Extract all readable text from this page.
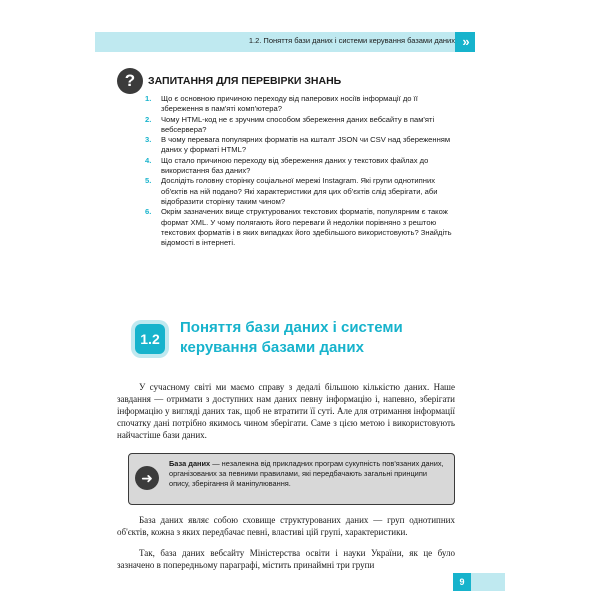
1.2. Поняття бази даних і системи керування базами даних »
?	ЗАПИТАННЯ ДЛЯ ПЕРЕВІРКИ ЗНАНЬ
1. Що є основною причиною переходу від паперових носіїв інформації до її збереження в пам'яті комп'ютера?
2. Чому HTML-код не є зручним способом збереження даних вебсайту в пам'яті вебсервера?
3. В чому перевага популярних форматів на кшталт JSON чи CSV над збереженням даних у форматі HTML?
4. Що стало причиною переходу від збереження даних у текстових файлах до використання баз даних?
5. Дослідіть головну сторінку соціальної мережі Instagram. Які групи однотипних об'єктів на ній подано? Які характеристики для цих об'єктів слід зберігати, аби відобразити сторінку таким чином?
6. Окрім зазначених вище структурованих текстових форматів, популярним є також формат XML. У чому полягають його переваги й недоліки порівняно з рештою текстових форматів і в яких випадках його здебільшого використовують? Знайдіть відомості в інтернеті.
1.2
Поняття бази даних і системи керування базами даних

У сучасному світі ми маємо справу з дедалі більшою кількістю даних. Наше завдання — отримати з доступних нам даних певну інформацію і, напевно, зберігати інформацію у вигляді даних так, щоб не втратити її суті. Але для отримання інформації спочатку дані потрібно якимось чином зберігати. Саме з цією метою і використовують найчастіше бази даних.

➜
База даних — незалежна від прикладних програм сукупність пов'язаних даних, організованих за певними правилами, які передбачають загальні принципи опису, зберігання й маніпулювання.

База даних являє собою сховище структурованих даних — груп однотипних об'єктів, кожна з яких передбачає певні, властиві цій групі, характеристики.

Так, база даних вебсайту Міністерства освіти і науки України, як це було зазначено в попередньому параграфі, містить принаймні три групи

9
